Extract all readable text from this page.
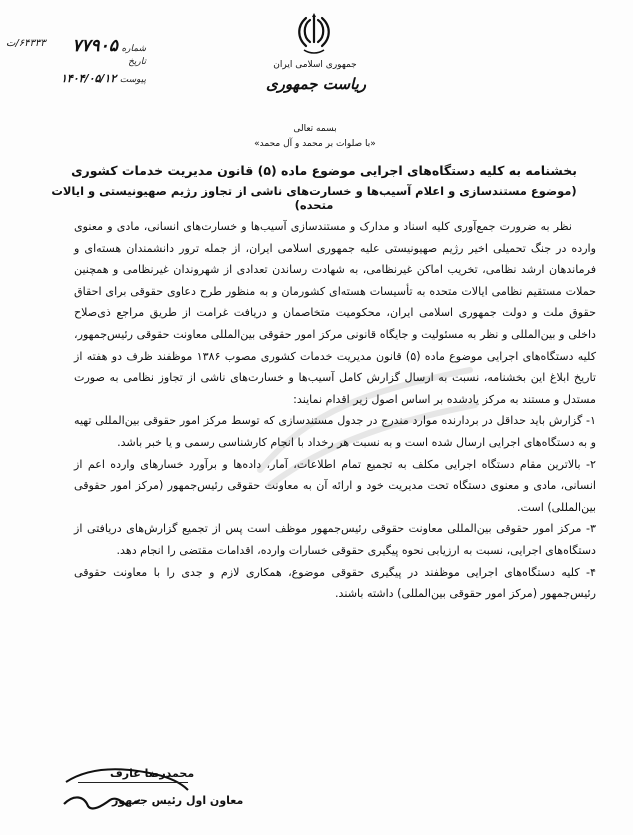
جمهوری اسلامی ایران
ریاست جمهوری
شماره ۷۷۹۰۵
۶۴۳۳۳/ت
تاریخ
پیوست ۱۴۰۴/۰۵/۱۲
بسمه تعالی
«با صلوات بر محمد و آل محمد»
بخشنامه به کلیه دستگاه‌های اجرایی موضوع ماده (۵) قانون مدیریت خدمات کشوری
(موضوع مستندسازی و اعلام آسیب‌ها و خسارت‌های ناشی از تجاوز رژیم صهیونیستی و ایالات متحده)

نظر به ضرورت جمع‌آوری کلیه اسناد و مدارک و مستندسازی آسیب‌ها و خسارت‌های انسانی، مادی و معنوی وارده در جنگ تحمیلی اخیر رژیم صهیونیستی علیه جمهوری اسلامی ایران، از جمله ترور دانشمندان هسته‌ای و فرماندهان ارشد نظامی، تخریب اماکن غیرنظامی، به شهادت رساندن تعدادی از شهروندان غیرنظامی و همچنین حملات مستقیم نظامی ایالات متحده به تأسیسات هسته‌ای کشورمان و به منظور طرح دعاوی حقوقی برای احقاق حقوق ملت و دولت جمهوری اسلامی ایران، محکومیت متخاصمان و دریافت غرامت از طریق مراجع ذی‌صلاح داخلی و بین‌المللی و نظر به مسئولیت و جایگاه قانونی مرکز امور حقوقی بین‌المللی معاونت حقوقی رئیس‌جمهور، کلیه دستگاه‌های اجرایی موضوع ماده (۵) قانون مدیریت خدمات کشوری مصوب ۱۳۸۶ موظفند ظرف دو هفته از تاریخ ابلاغ این بخشنامه، نسبت به ارسال گزارش کامل آسیب‌ها و خسارت‌های ناشی از تجاوز نظامی به صورت مستدل و مستند به مرکز یادشده بر اساس اصول زیر اقدام نمایند:

۱- گزارش باید حداقل در بردارنده موارد مندرج در جدول مستندسازی که توسط مرکز امور حقوقی بین‌المللی تهیه و به دستگاه‌های اجرایی ارسال شده است و به نسبت هر رخداد با انجام کارشناسی رسمی و یا خبر باشد.

۲- بالاترین مقام دستگاه اجرایی مکلف به تجمیع تمام اطلاعات، آمار، داده‌ها و برآورد خسارهای وارده اعم از انسانی، مادی و معنوی دستگاه تحت مدیریت خود و ارائه آن به معاونت حقوقی رئیس‌جمهور (مرکز امور حقوقی بین‌المللی) است.

۳- مرکز امور حقوقی بین‌المللی معاونت حقوقی رئیس‌جمهور موظف است پس از تجمیع گزارش‌های دریافتی از دستگاه‌های اجرایی، نسبت به ارزیابی نحوه پیگیری حقوقی خسارات وارده، اقدامات مقتضی را انجام دهد.

۴- کلیه دستگاه‌های اجرایی موظفند در پیگیری حقوقی موضوع، همکاری لازم و جدی را با معاونت حقوقی رئیس‌جمهور (مرکز امور حقوقی بین‌المللی) داشته باشند.

محمدرضا عارف
معاون اول رئیس جمهور
